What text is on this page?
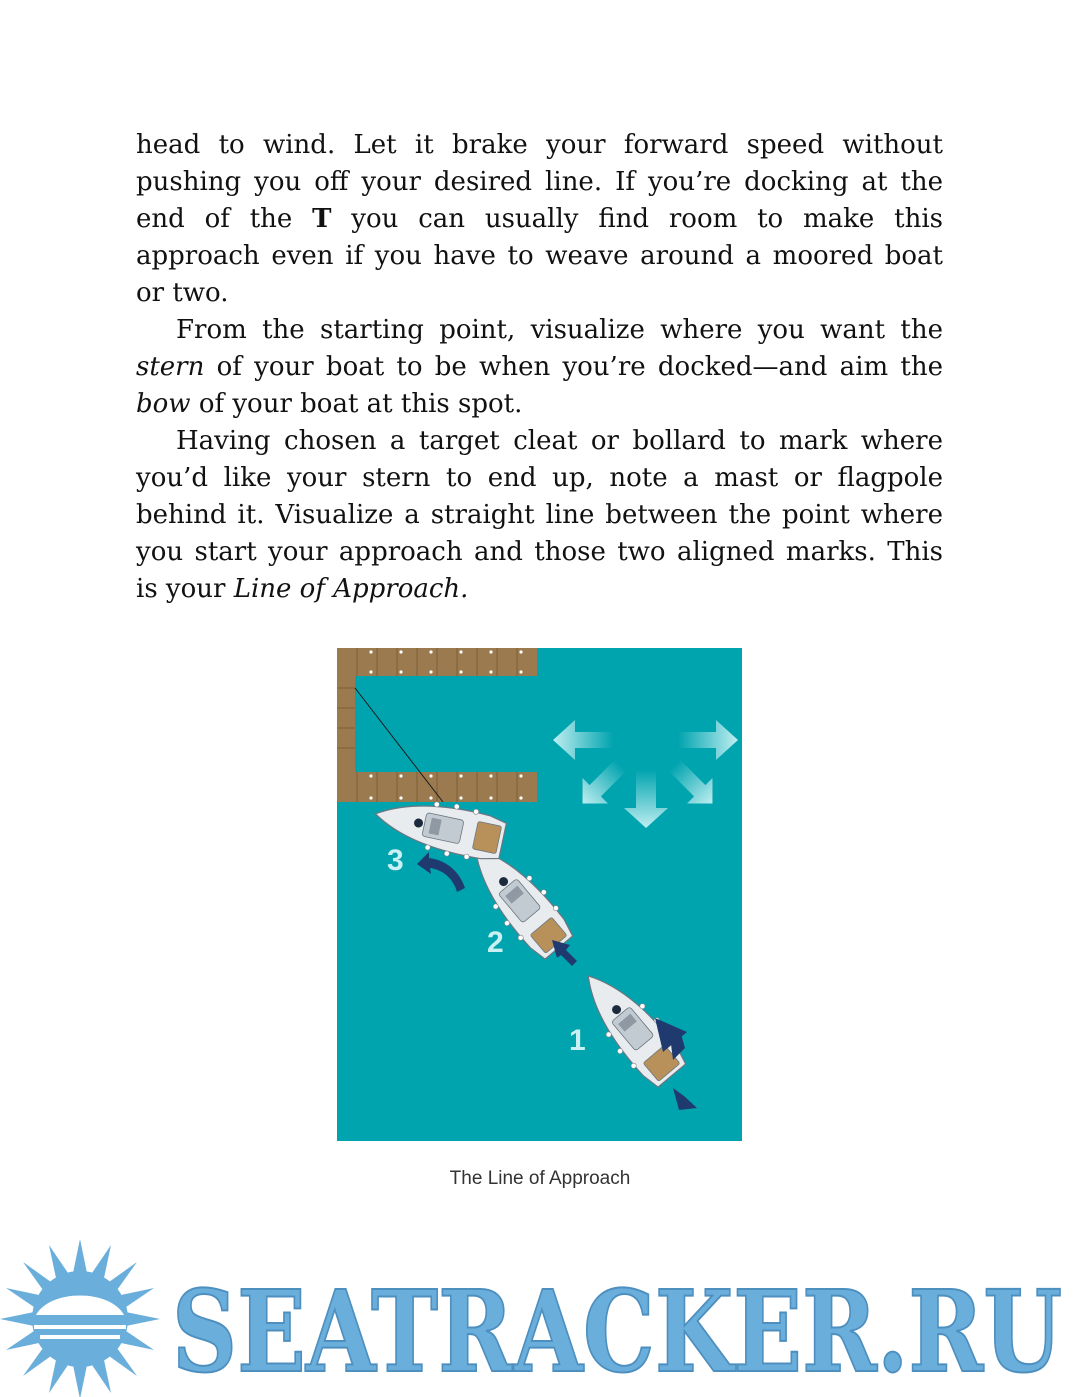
head to wind. Let it brake your forward speed without pushing you off your desired line. If you’re docking at the end of the T you can usually find room to make this approach even if you have to weave around a moored boat or two.

From the starting point, visualize where you want the stern of your boat to be when you’re docked—and aim the bow of your boat at this spot.

Having chosen a target cleat or bollard to mark where you’d like your stern to end up, note a mast or flagpole behind it. Visualize a straight line between the point where you start your approach and those two aligned marks. This is your Line of Approach.

1
2
3
The Line of Approach
SEATRACKER.RU
